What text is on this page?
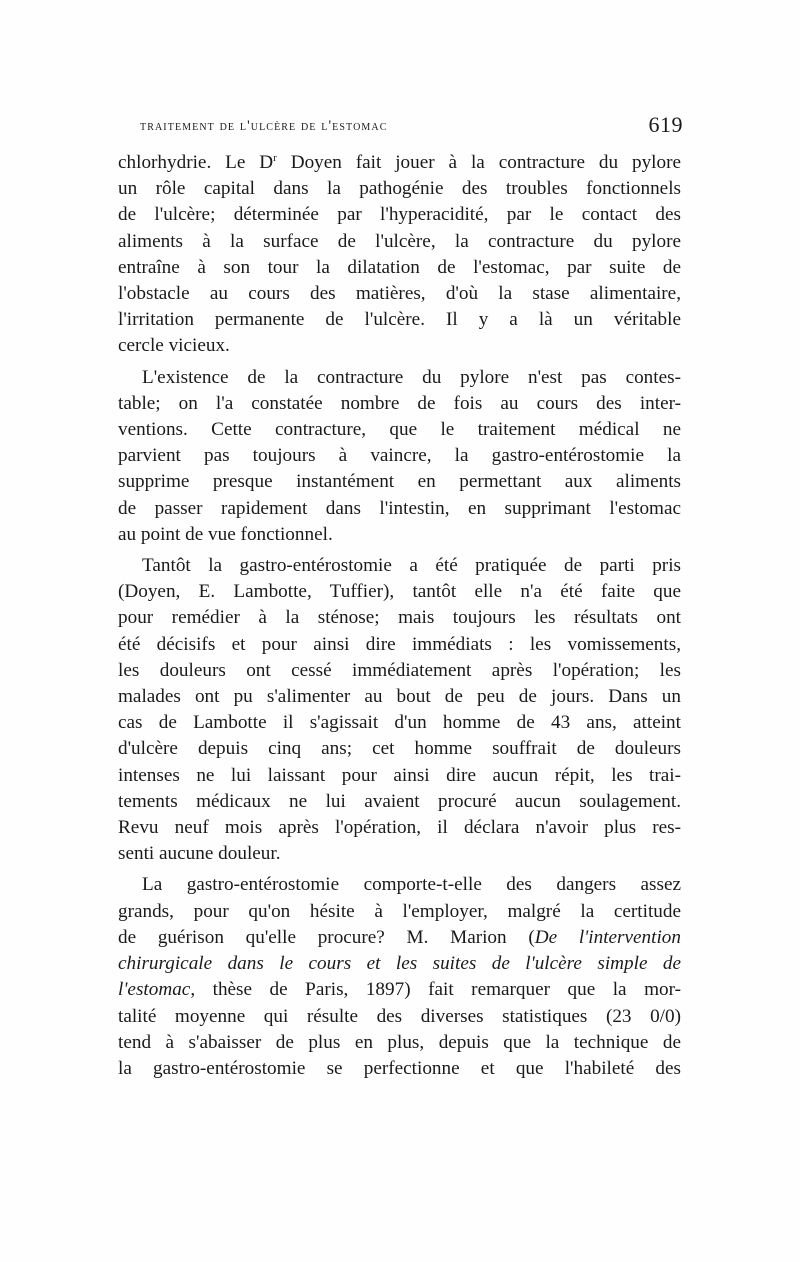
traitement de l'ulcère de l'estomac	619

chlorhydrie. Le $D^r$ Doyen fait jouer à la contracture du pylore
un rôle capital dans la pathogénie des troubles fonctionnels
de l'ulcère; déterminée par l'hyperacidité, par le contact des
aliments à la surface de l'ulcère, la contracture du pylore
entraîne à son tour la dilatation de l'estomac, par suite de
l'obstacle au cours des matières, d'où la stase alimentaire,
l'irritation permanente de l'ulcère. Il y a là un véritable
cercle vicieux.

L'existence de la contracture du pylore n'est pas contes-
table; on l'a constatée nombre de fois au cours des inter-
ventions. Cette contracture, que le traitement médical ne
parvient pas toujours à vaincre, la gastro-entérostomie la
supprime presque instantément en permettant aux aliments
de passer rapidement dans l'intestin, en supprimant l'estomac
au point de vue fonctionnel.

Tantôt la gastro-entérostomie a été pratiquée de parti pris
(Doyen, E. Lambotte, Tuffier), tantôt elle n'a été faite que
pour remédier à la sténose; mais toujours les résultats ont
été décisifs et pour ainsi dire immédiats : les vomissements,
les douleurs ont cessé immédiatement après l'opération; les
malades ont pu s'alimenter au bout de peu de jours. Dans un
cas de Lambotte il s'agissait d'un homme de 43 ans, atteint
d'ulcère depuis cinq ans; cet homme souffrait de douleurs
intenses ne lui laissant pour ainsi dire aucun répit, les trai-
tements médicaux ne lui avaient procuré aucun soulagement.
Revu neuf mois après l'opération, il déclara n'avoir plus res-
senti aucune douleur.

La gastro-entérostomie comporte-t-elle des dangers assez
grands, pour qu'on hésite à l'employer, malgré la certitude
de guérison qu'elle procure? M. Marion (De l'intervention
chirurgicale dans le cours et les suites de l'ulcère simple de
l'estomac, thèse de Paris, 1897) fait remarquer que la mor-
talité moyenne qui résulte des diverses statistiques (23 0/0)
tend à s'abaisser de plus en plus, depuis que la technique de
la gastro-entérostomie se perfectionne et que l'habileté des
